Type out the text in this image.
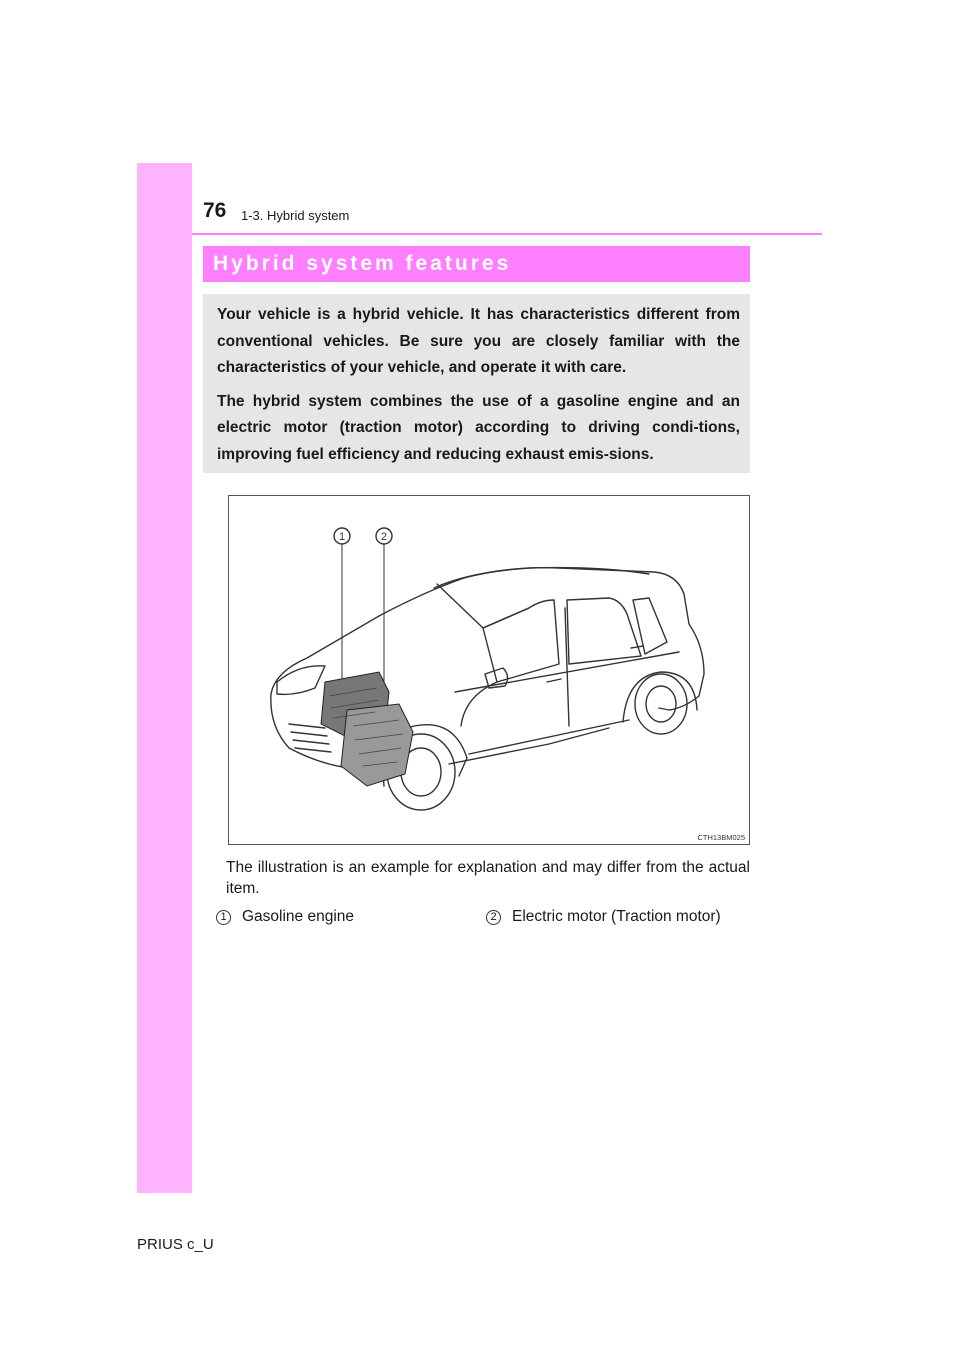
76 1-3. Hybrid system
Hybrid system features

Your vehicle is a hybrid vehicle. It has characteristics different from conventional vehicles. Be sure you are closely familiar with the characteristics of your vehicle, and operate it with care.

The hybrid system combines the use of a gasoline engine and an electric motor (traction motor) according to driving condi-tions, improving fuel efficiency and reducing exhaust emis-sions.

1	2
CTH13BM025
The illustration is an example for explanation and may differ from the actual item.
1 Gasoline engine	2 Electric motor (Traction motor)
PRIUS c_U
